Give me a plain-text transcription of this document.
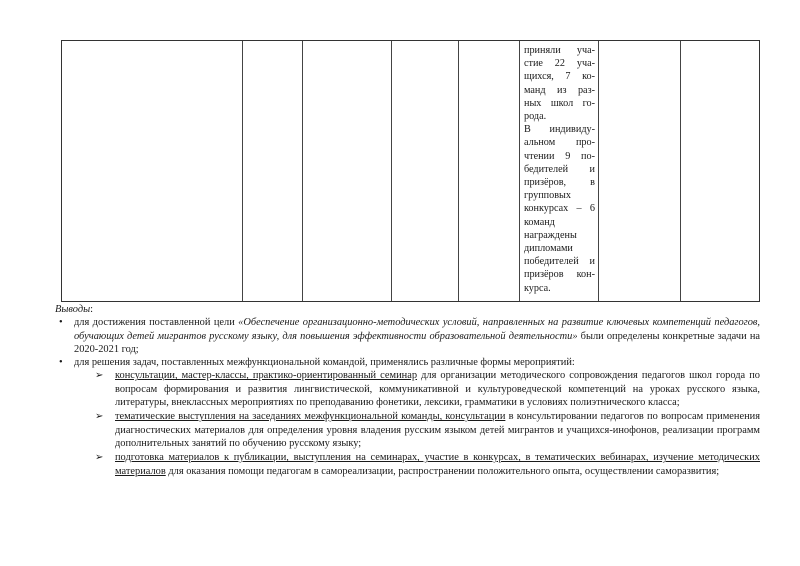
приняли уча-
стие 22 уча-
щихся, 7 ко-
манд из раз-
ных школ го-
рода.
В индивиду-
альном про-
чтении 9 по-
бедителей и
призёров, в
групповых
конкурсах – 6
команд
награждены
дипломами
победителей и
призёров кон-
курса.
Выводы:
• для достижения поставленной цели «Обеспечение организационно-методических условий, направленных на развитие ключевых компетенций педагогов, обучающих детей мигрантов русскому языку, для повышения эффективности образовательной деятельности» были определены конкретные задачи на 2020-2021 год;
• для решения задач, поставленных межфункциональной командой, применялись различные формы мероприятий:
➢ консультации, мастер-классы, практико-ориентированный семинар для организации методического сопровождения педагогов школ города по вопросам формирования и развития лингвистической, коммуникативной и культуроведческой компетенций на уроках русского языка, литературы, внеклассных мероприятиях по преподаванию фонетики, лексики, грамматики в условиях полиэтнического класса;
➢ тематические выступления на заседаниях межфункциональной команды, консультации в консультировании педагогов по вопросам применения диагностических материалов для определения уровня владения русским языком детей мигрантов и учащихся-инофонов, реализации программ дополнительных занятий по обучению русскому языку;
➢ подготовка материалов к публикации, выступления на семинарах, участие в конкурсах, в тематических вебинарах, изучение методических материалов для оказания помощи педагогам в самореализации, распространении положительного опыта, осуществлении саморазвития;
